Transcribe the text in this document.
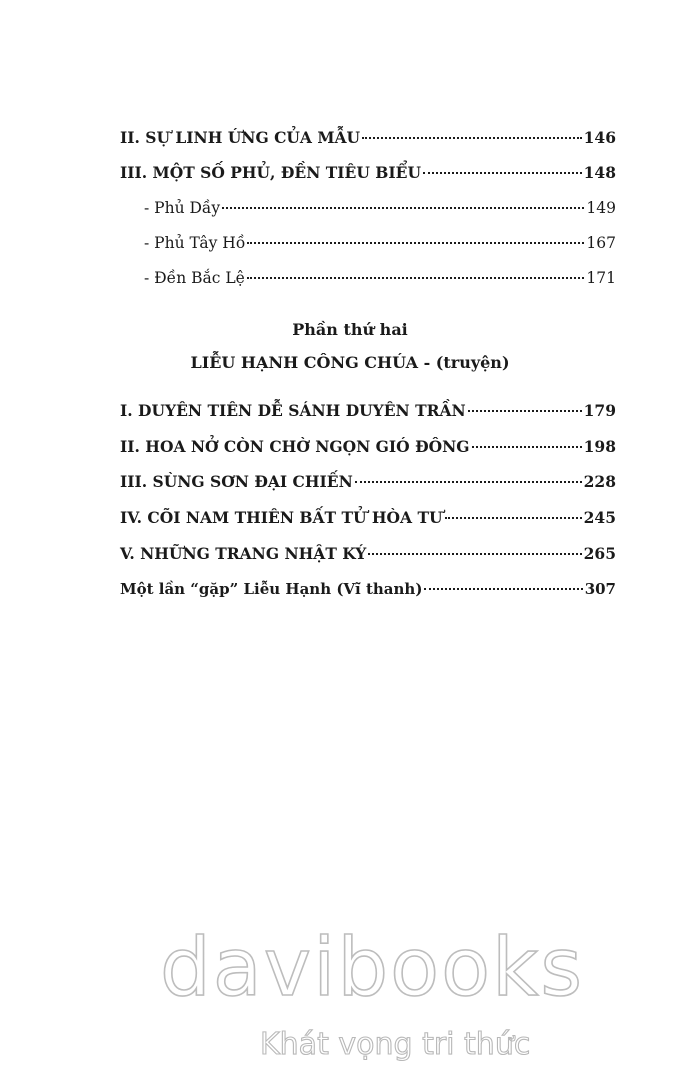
II. SỰ LINH ỨNG CỦA MẪU	146
III. MỘT SỐ PHỦ, ĐỀN TIÊU BIỂU	148
- Phủ Dầy	149
- Phủ Tây Hồ	167
- Đền Bắc Lệ	171
Phần thứ hai
LIỄU HẠNH CÔNG CHÚA - (truyện)
I. DUYÊN TIÊN DỄ SÁNH DUYÊN TRẦN	179
II. HOA NỞ CÒN CHỜ NGỌN GIÓ ĐÔNG	198
III. SÙNG SƠN ĐẠI CHIẾN	228
IV. CÕI NAM THIÊN BẤT TỬ HÒA TƯ	245
V. NHỮNG TRANG NHẬT KÝ	265
Một lần “gặp” Liễu Hạnh (Vĩ thanh)	307
davibooks
Khát vọng tri thức
